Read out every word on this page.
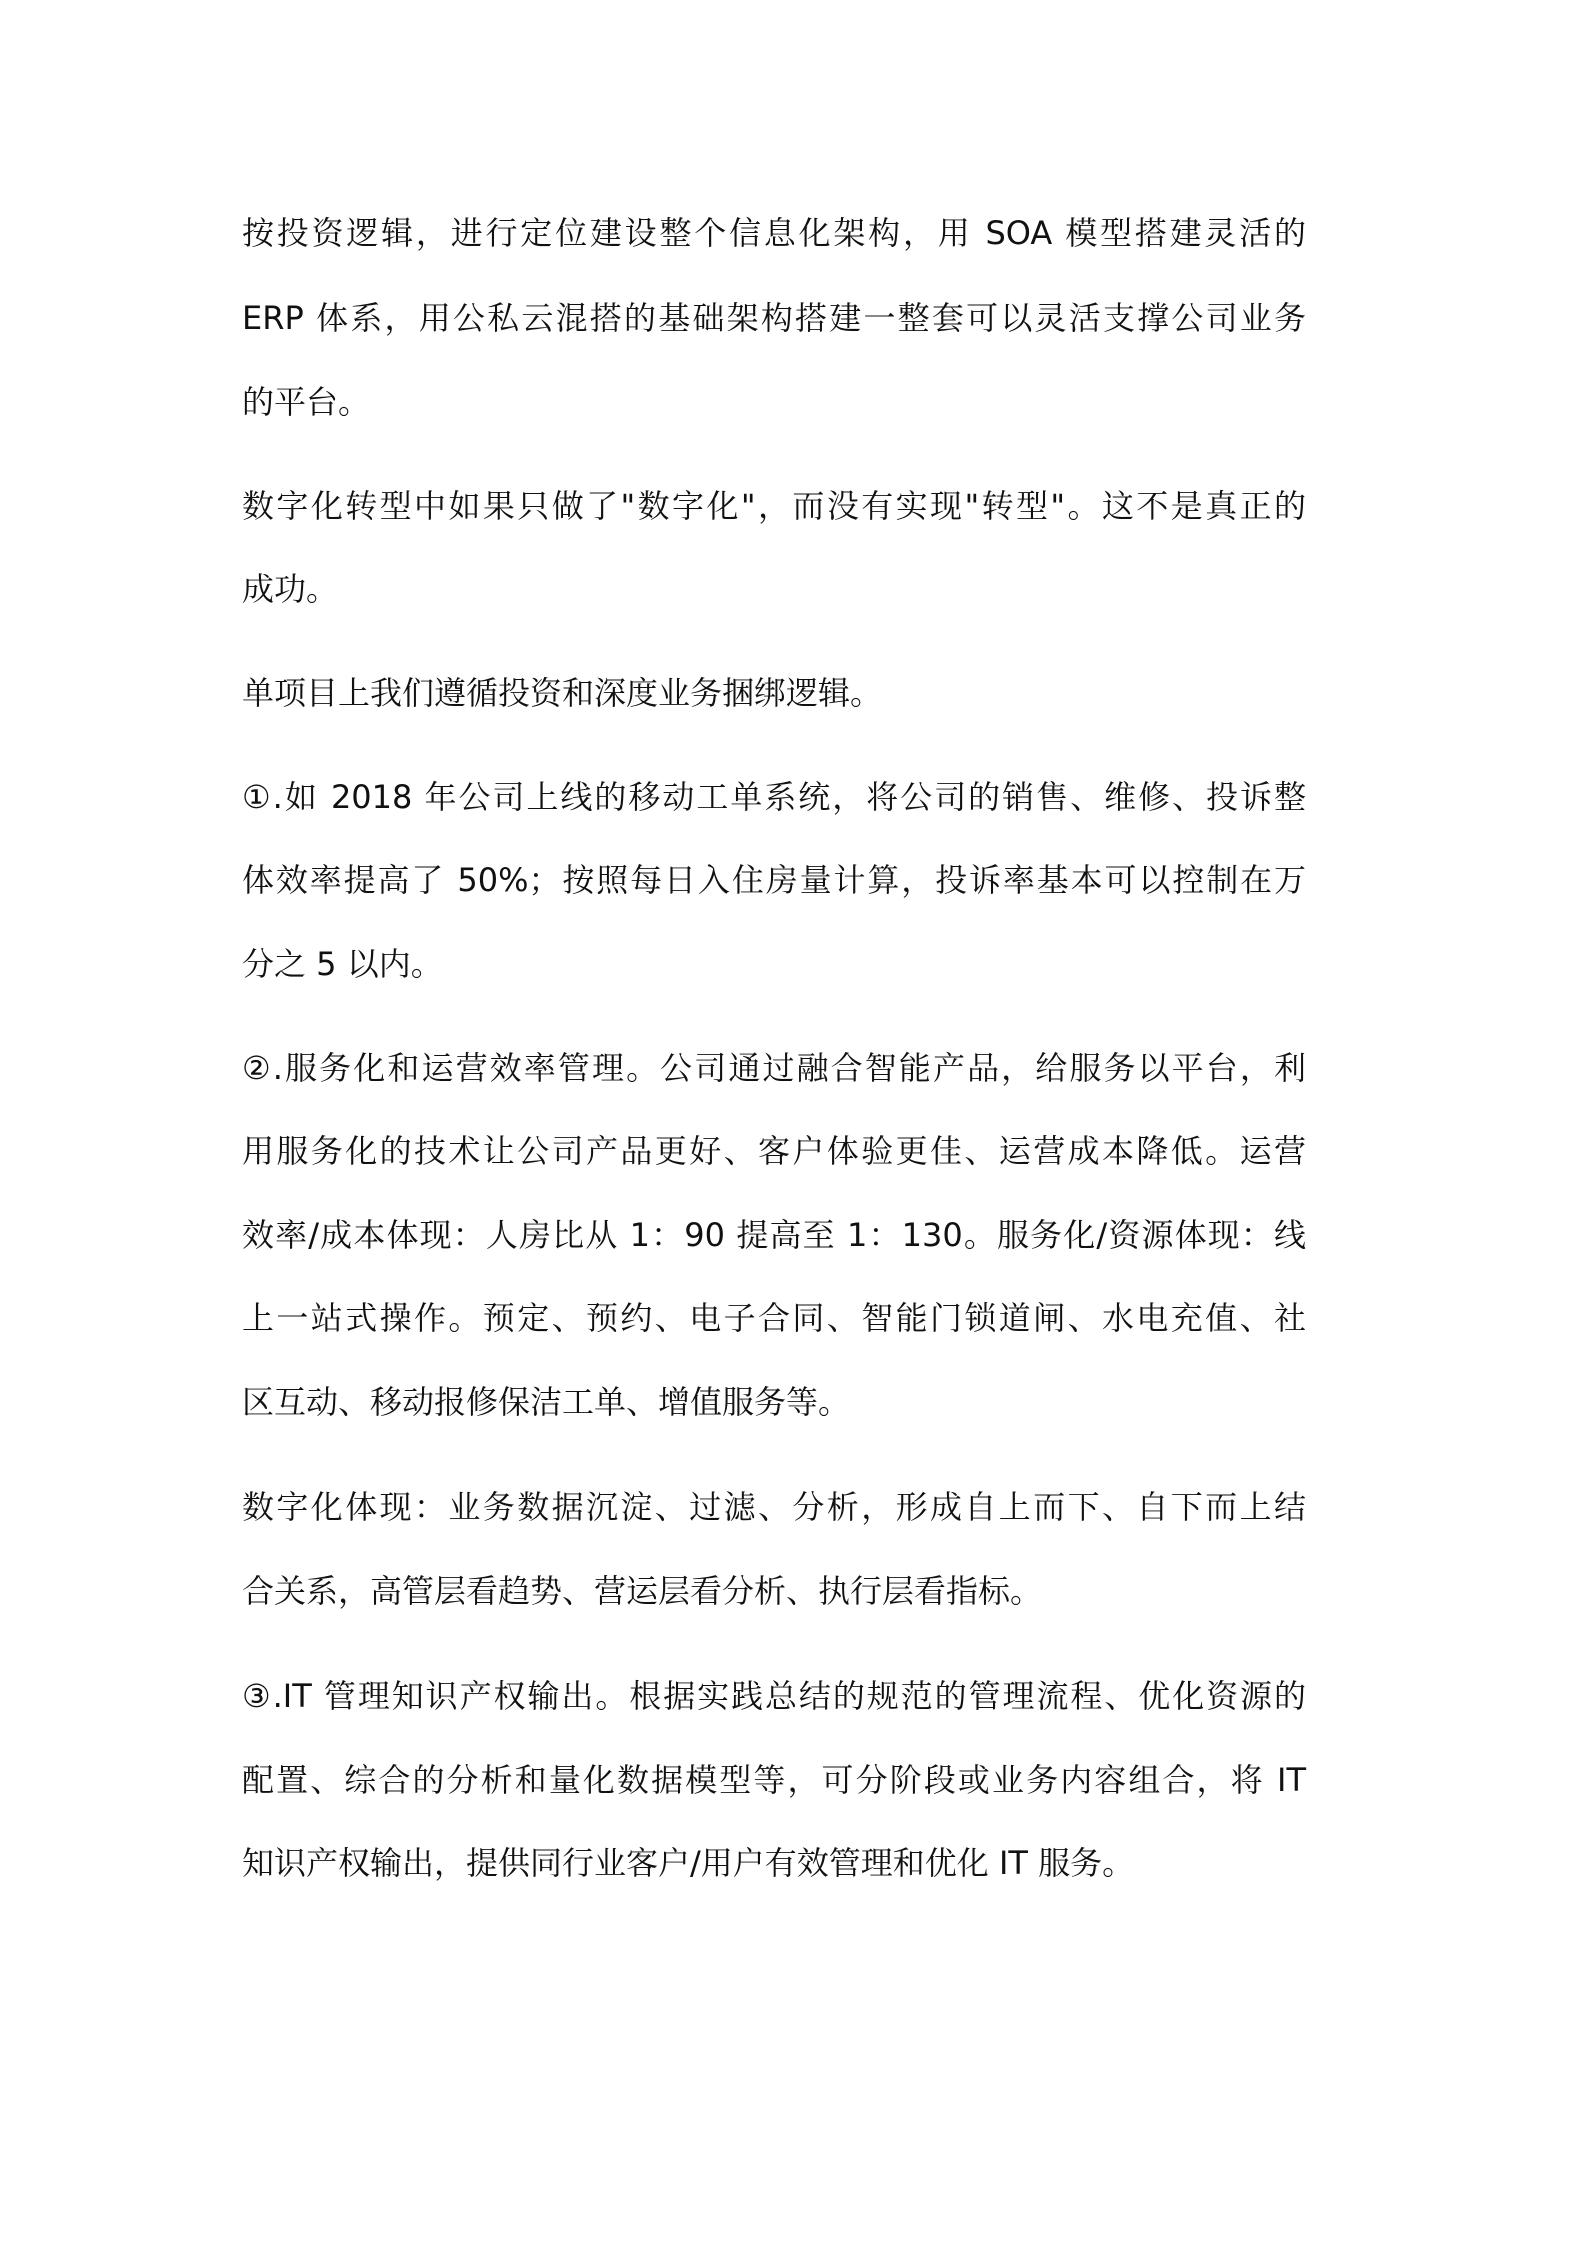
按投资逻辑，进行定位建设整个信息化架构，用 SOA 模型搭建灵活的
ERP 体系，用公私云混搭的基础架构搭建一整套可以灵活支撑公司业务
的平台。
数字化转型中如果只做了"数字化"，而没有实现"转型"。这不是真正的
成功。
单项目上我们遵循投资和深度业务捆绑逻辑。
①.如 2018 年公司上线的移动工单系统，将公司的销售、维修、投诉整
体效率提高了 50%；按照每日入住房量计算，投诉率基本可以控制在万
分之 5 以内。
②.服务化和运营效率管理。公司通过融合智能产品，给服务以平台，利
用服务化的技术让公司产品更好、客户体验更佳、运营成本降低。运营
效率/成本体现：人房比从 1：90 提高至 1：130。服务化/资源体现：线
上一站式操作。预定、预约、电子合同、智能门锁道闸、水电充值、社
区互动、移动报修保洁工单、增值服务等。
数字化体现：业务数据沉淀、过滤、分析，形成自上而下、自下而上结
合关系，高管层看趋势、营运层看分析、执行层看指标。
③.IT 管理知识产权输出。根据实践总结的规范的管理流程、优化资源的
配置、综合的分析和量化数据模型等，可分阶段或业务内容组合，将 IT
知识产权输出，提供同行业客户/用户有效管理和优化 IT 服务。
